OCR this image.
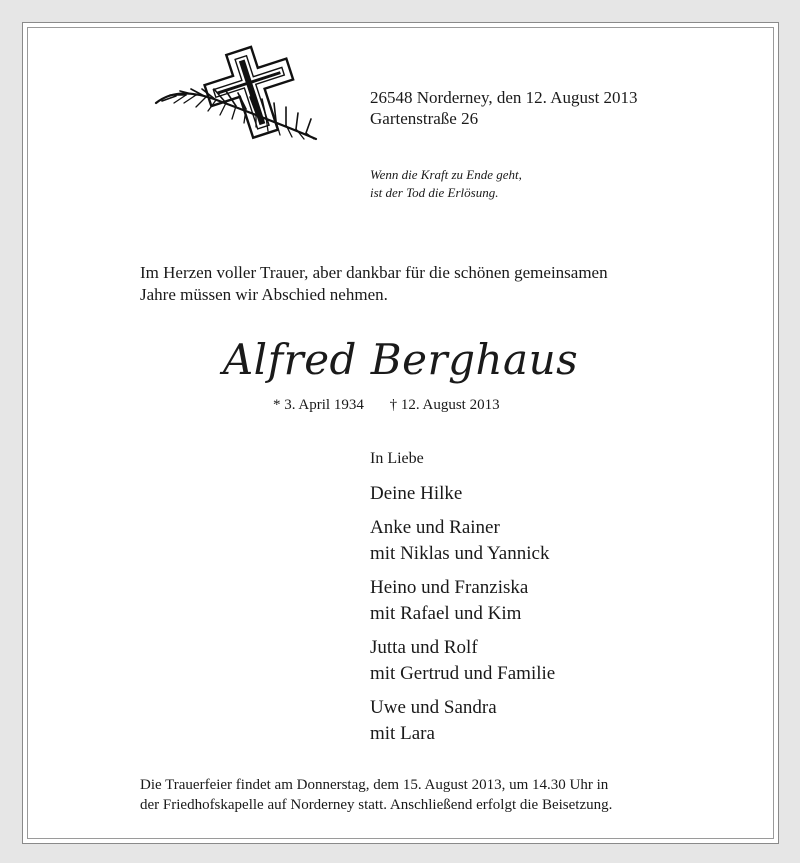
26548 Norderney, den 12. August 2013
Gartenstraße 26
Wenn die Kraft zu Ende geht,
ist der Tod die Erlösung.
Im Herzen voller Trauer, aber dankbar für die schönen gemeinsamen
Jahre müssen wir Abschied nehmen.
Alfred Berghaus
* 3. April 1934 † 12. August 2013
In Liebe
Deine Hilke
Anke und Rainer
mit Niklas und Yannick
Heino und Franziska
mit Rafael und Kim
Jutta und Rolf
mit Gertrud und Familie
Uwe und Sandra
mit Lara
Die Trauerfeier findet am Donnerstag, dem 15. August 2013, um 14.30 Uhr in
der Friedhofskapelle auf Norderney statt. Anschließend erfolgt die Beisetzung.
